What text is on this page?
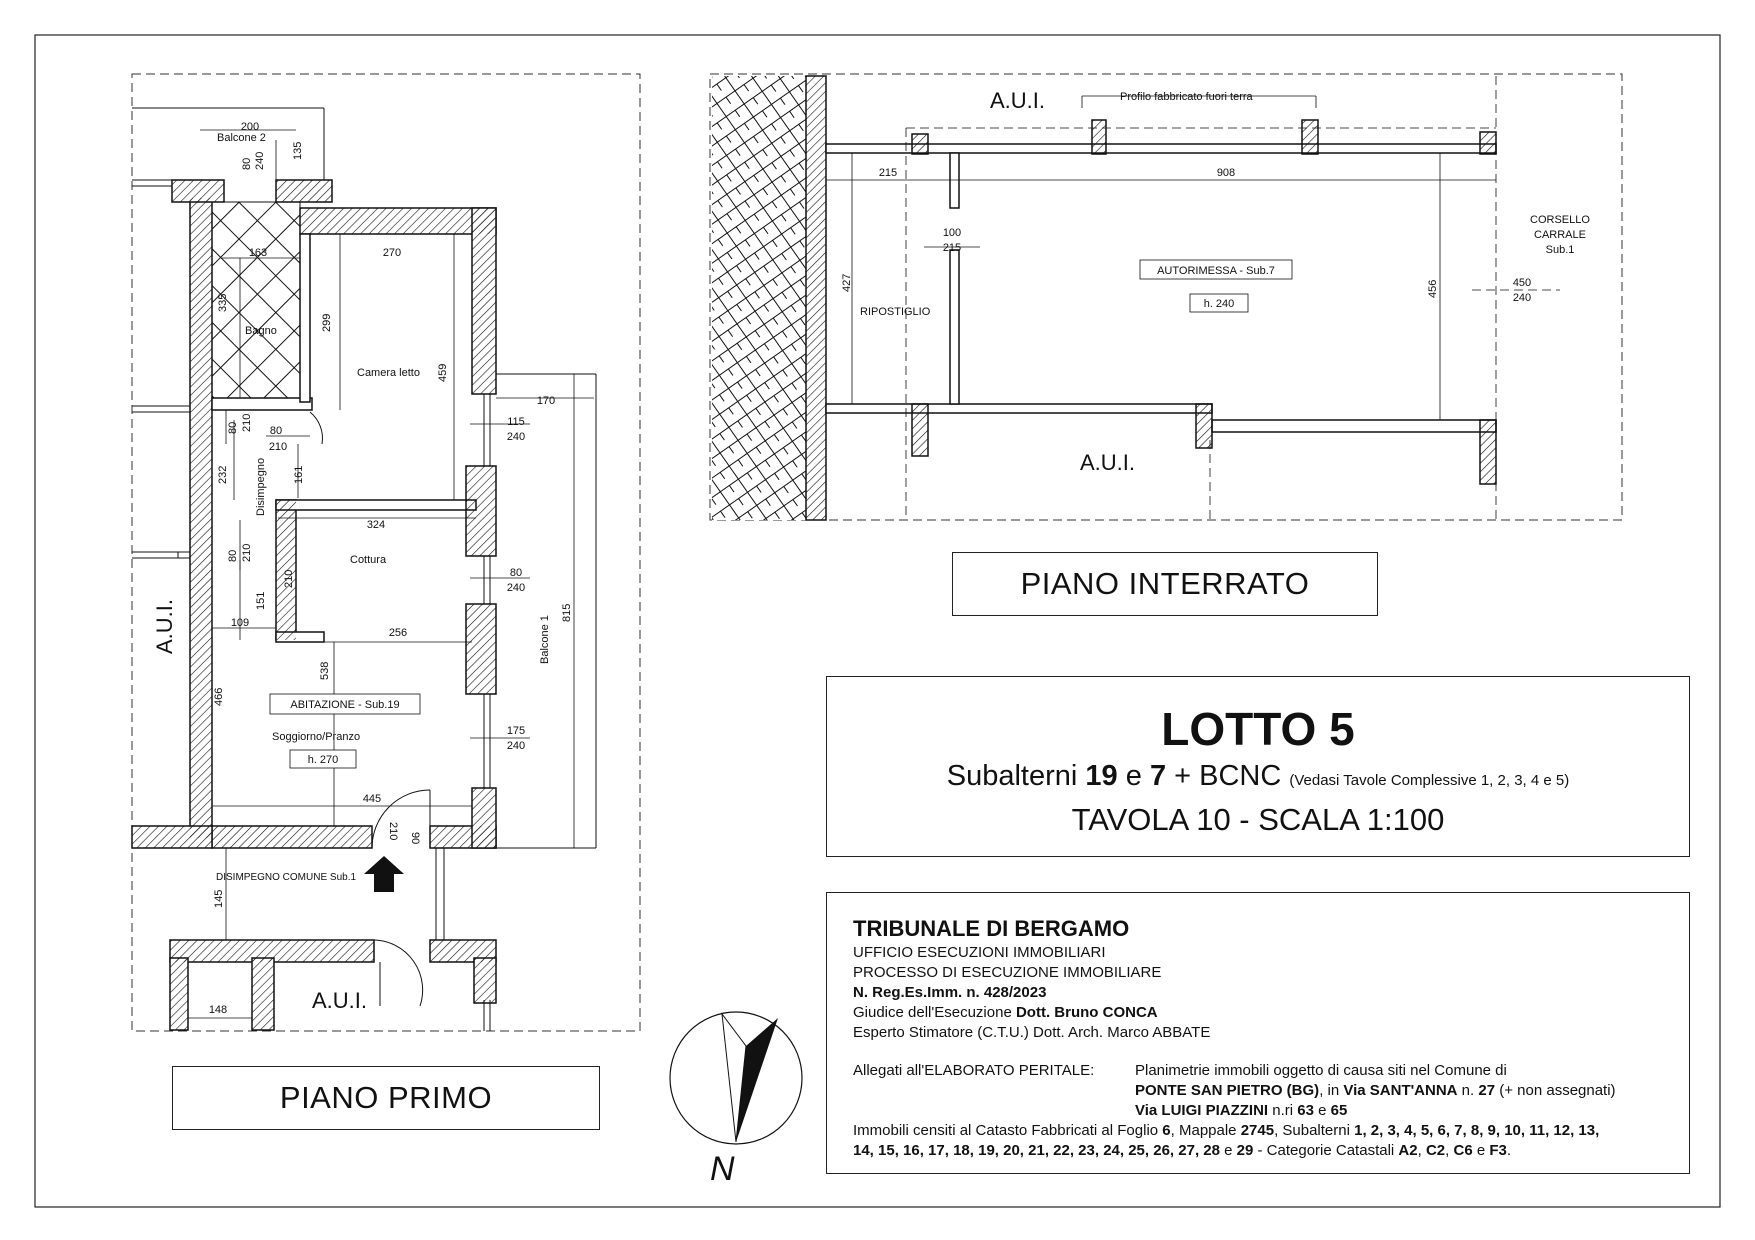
Balcone 2
Bagno
Camera letto
Disimpegno
Cottura
ABITAZIONE - Sub.19
Soggiorno/Pranzo
h. 270
Balcone 1
DISIMPEGNO COMUNE Sub.1
A.U.I.
A.U.I.
200
80 240
135
163	270
335
299
459
210
80	80
210
232	161
324
170
115
240
80 210
210
151
109
256
80
240
815
538
466
175
240
445
90
210
145
148
A.U.I.	Profilo fabbricato fuori terra
A.U.I.
RIPOSTIGLIO
AUTORIMESSA - Sub.7
h. 240
CORSELLO
CARRALE
Sub.1
215	908
100
215
427	456	450
240
N
PIANO PRIMO
PIANO INTERRATO
LOTTO 5
Subalterni 19 e 7 + BCNC (Vedasi Tavole Complessive 1, 2, 3, 4 e 5)
TAVOLA 10 - SCALA 1:100
TRIBUNALE DI BERGAMO
UFFICIO ESECUZIONI IMMOBILIARI
PROCESSO DI ESECUZIONE IMMOBILIARE
N. Reg.Es.Imm. n. 428/2023
Giudice dell'Esecuzione Dott. Bruno CONCA
Esperto Stimatore (C.T.U.) Dott. Arch. Marco ABBATE
Allegati all'ELABORATO PERITALE:	Planimetrie immobili oggetto di causa siti nel Comune di
PONTE SAN PIETRO (BG), in Via SANT'ANNA n. 27 (+ non assegnati)
Via LUIGI PIAZZINI n.ri 63 e 65
Immobili censiti al Catasto Fabbricati al Foglio 6, Mappale 2745, Subalterni 1, 2, 3, 4, 5, 6, 7, 8, 9, 10, 11, 12, 13,
14, 15, 16, 17, 18, 19, 20, 21, 22, 23, 24, 25, 26, 27, 28 e 29 - Categorie Catastali A2, C2, C6 e F3.
